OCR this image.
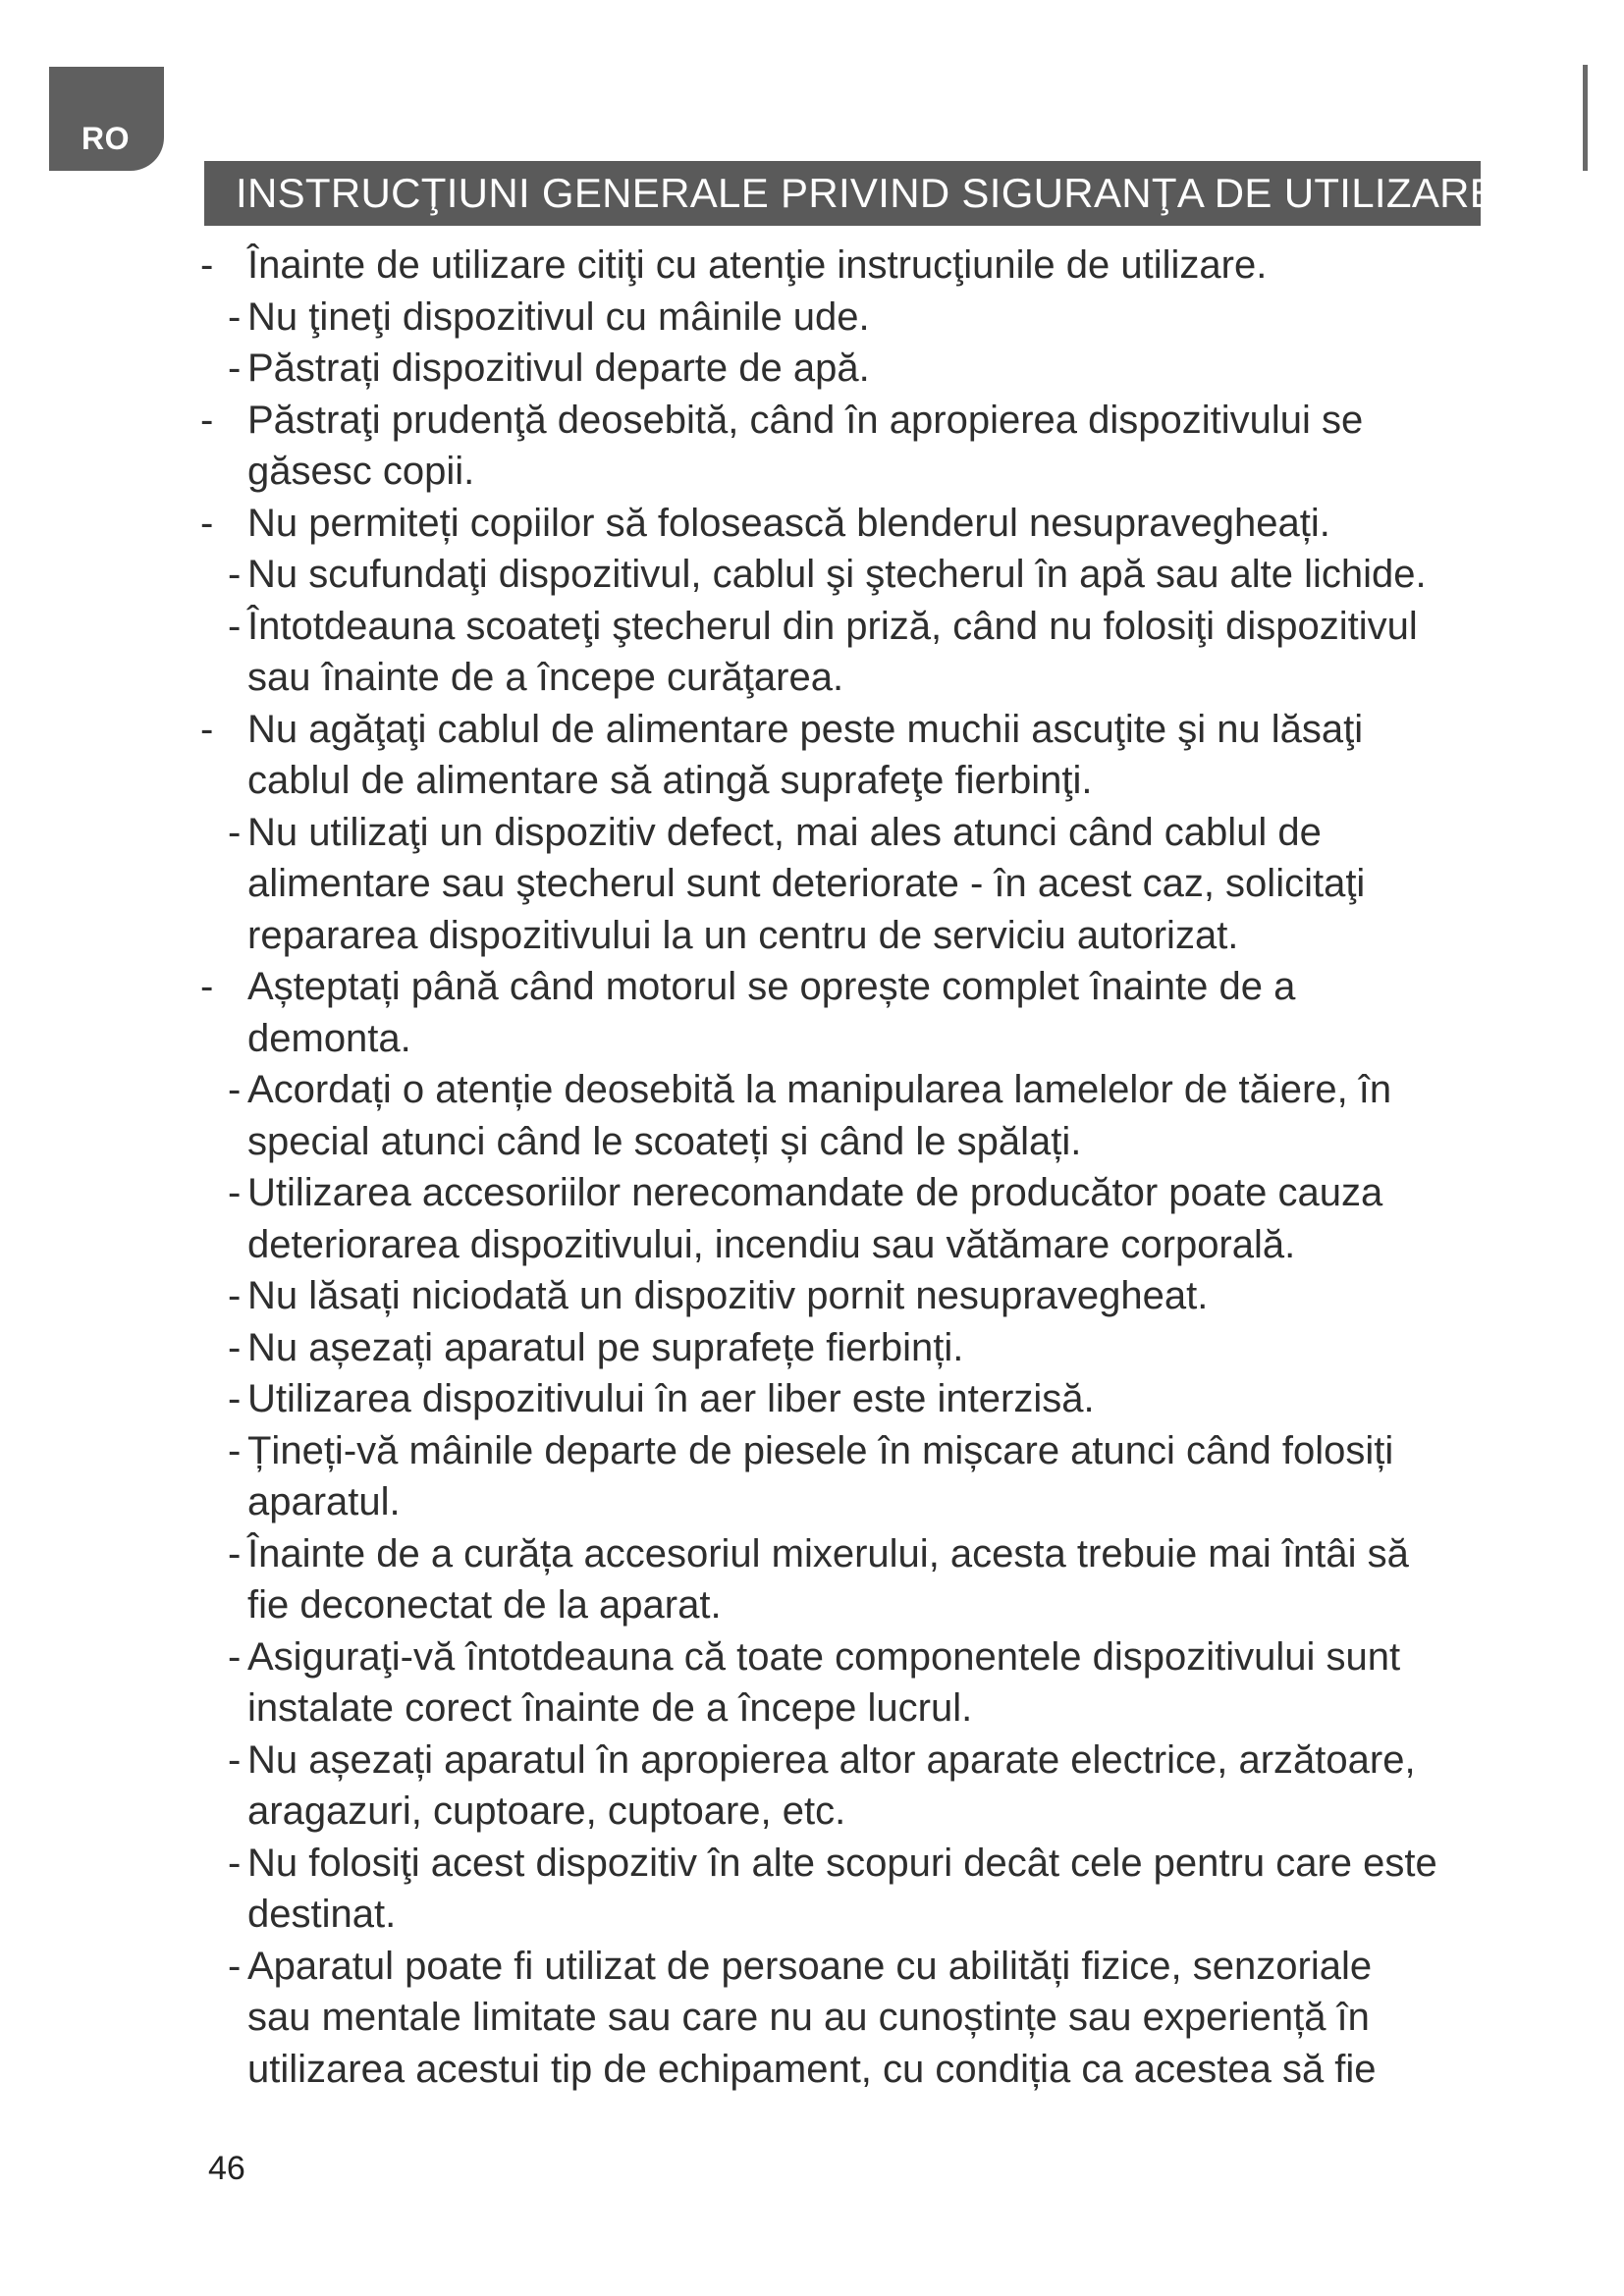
RO
INSTRUCŢIUNI GENERALE PRIVIND SIGURANŢA DE UTILIZARE
- Înainte de utilizare citiţi cu atenţie instrucţiunile de utilizare.
- Nu ţineţi dispozitivul cu mâinile ude.
- Păstrați dispozitivul departe de apă.
- Păstraţi prudenţă deosebită, când în apropierea dispozitivului se
găsesc copii.
- Nu permiteți copiilor să folosească blenderul nesupravegheați.
- Nu scufundaţi dispozitivul, cablul şi ştecherul în apă sau alte lichide.
- Întotdeauna scoateţi ştecherul din priză, când nu folosiţi dispozitivul
sau înainte de a începe curăţarea.
- Nu agăţaţi cablul de alimentare peste muchii ascuţite şi nu lăsaţi
cablul de alimentare să atingă suprafeţe fierbinţi.
- Nu utilizaţi un dispozitiv defect, mai ales atunci când cablul de
alimentare sau ştecherul sunt deteriorate - în acest caz, solicitaţi
repararea dispozitivului la un centru de serviciu autorizat.
- Așteptați până când motorul se oprește complet înainte de a
demonta.
- Acordați o atenție deosebită la manipularea lamelelor de tăiere, în
special atunci când le scoateți și când le spălați.
- Utilizarea accesoriilor nerecomandate de producător poate cauza
deteriorarea dispozitivului, incendiu sau vătămare corporală.
- Nu lăsați niciodată un dispozitiv pornit nesupravegheat.
- Nu așezați aparatul pe suprafețe fierbinți.
- Utilizarea dispozitivului în aer liber este interzisă.
- Țineți-vă mâinile departe de piesele în mișcare atunci când folosiți
aparatul.
- Înainte de a curăța accesoriul mixerului, acesta trebuie mai întâi să
fie deconectat de la aparat.
- Asiguraţi-vă întotdeauna că toate componentele dispozitivului sunt
instalate corect înainte de a începe lucrul.
- Nu așezați aparatul în apropierea altor aparate electrice, arzătoare,
aragazuri, cuptoare, cuptoare, etc.
- Nu folosiţi acest dispozitiv în alte scopuri decât cele pentru care este
destinat.
- Aparatul poate fi utilizat de persoane cu abilități fizice, senzoriale
sau mentale limitate sau care nu au cunoștințe sau experiență în
utilizarea acestui tip de echipament, cu condiția ca acestea să fie
46
